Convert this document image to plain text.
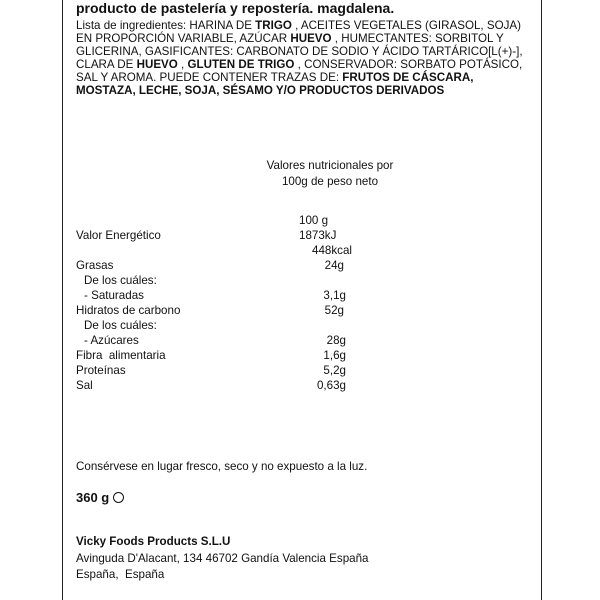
producto de pastelería y repostería. magdalena.
Lista de ingredientes: HARINA DE TRIGO , ACEITES VEGETALES (GIRASOL, SOJA) EN PROPORCIÓN VARIABLE, AZÚCAR HUEVO , HUMECTANTES: SORBITOL Y GLICERINA, GASIFICANTES: CARBONATO DE SODIO Y ÁCIDO TARTÁRICO[L(+)-], CLARA DE HUEVO , GLUTEN DE TRIGO , CONSERVADOR: SORBATO POTÁSICO, SAL Y AROMA. PUEDE CONTENER TRAZAS DE: FRUTOS DE CÁSCARA, MOSTAZA, LECHE, SOJA, SÉSAMO Y/O PRODUCTOS DERIVADOS
Valores nutricionales por
100g de peso neto
100 g
Valor Energético	1873kJ
448kcal
Grasas	24g
De los cuáles:
- Saturadas	3,1g
Hidratos de carbono	52g
De los cuáles:
- Azúcares	28g
Fibra  alimentaria	1,6g
Proteínas	5,2g
Sal	0,63g
Consérvese en lugar fresco, seco y no expuesto a la luz.
360 g
Vicky Foods Products S.L.U
Avinguda D'Alacant, 134 46702 Gandía Valencia España
España,  España
